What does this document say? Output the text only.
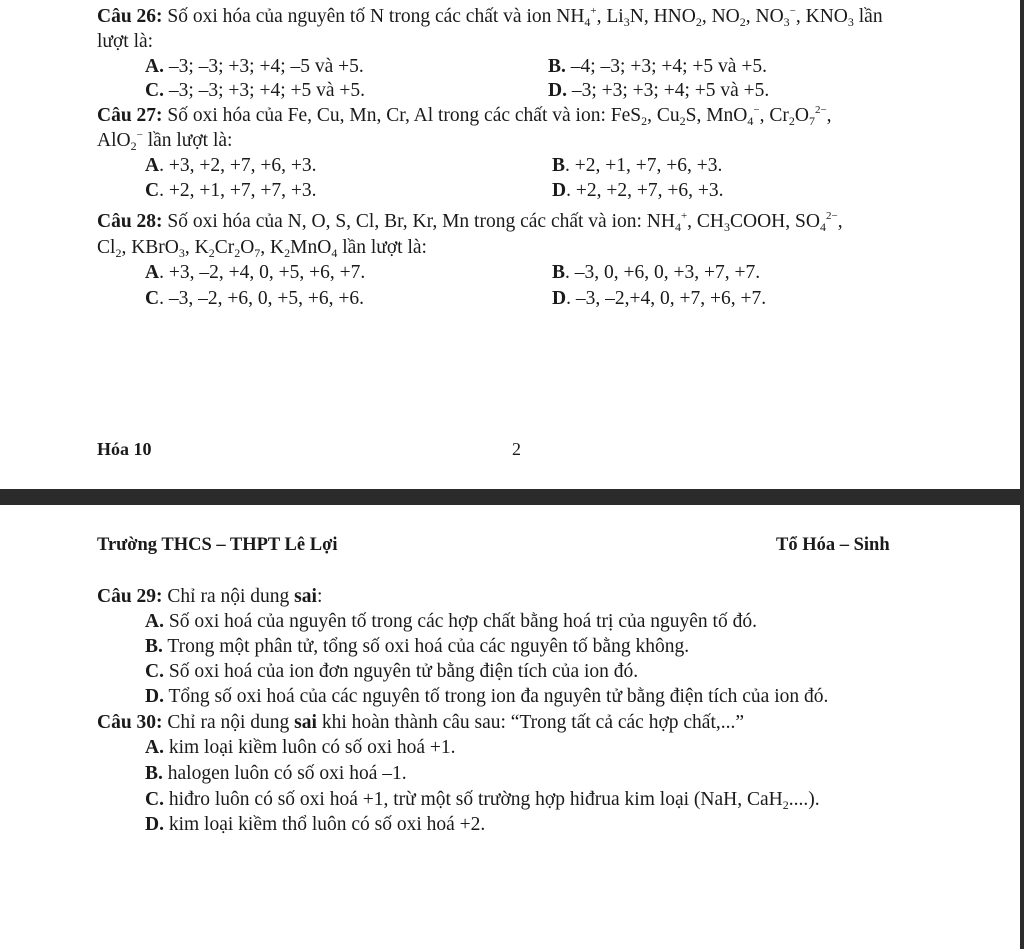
Câu 26: Số oxi hóa của nguyên tố N trong các chất và ion $NH_4^+$, $Li_3N$, $HNO_2$, $NO_2$, $NO_3^-$, $KNO_3$ lần
lượt là:
A. –3; –3; +3; +4; –5 và +5.	B. –4; –3; +3; +4; +5 và +5.
C. –3; –3; +3; +4; +5 và +5.	D. –3; +3; +3; +4; +5 và +5.
Câu 27: Số oxi hóa của Fe, Cu, Mn, Cr, Al trong các chất và ion: FeS$_2$, $Cu_2S$, MnO$_4$−, $Cr_2O_7^{2-}$,
AlO$_2$− lần lượt là:
A. +3, +2, +7, +6, +3.	B. +2, +1, +7, +6, +3.
C. +2, +1, +7, +7, +3.	D. +2, +2, +7, +6, +3.
Câu 28: Số oxi hóa của N, O, S, Cl, Br, Kr, Mn trong các chất và ion: $NH_4^+$, $CH_3COOH$, $SO_4^{2-}$,
$Cl_2$, KBrO$_3$, $K_2Cr_2O_7$, $K_2MnO_4$ lần lượt là:
A. +3, –2, +4, 0, +5, +6, +7.	B. –3, 0, +6, 0, +3, +7, +7.
C. –3, –2, +6, 0, +5, +6, +6.	D. –3, –2,+4, 0, +7, +6, +7.
Hóa 10	2
Trường THCS – THPT Lê Lợi	Tổ Hóa – Sinh
Câu 29: Chỉ ra nội dung sai:
A. Số oxi hoá của nguyên tố trong các hợp chất bằng hoá trị của nguyên tố đó.
B. Trong một phân tử, tổng số oxi hoá của các nguyên tố bằng không.
C. Số oxi hoá của ion đơn nguyên tử bằng điện tích của ion đó.
D. Tổng số oxi hoá của các nguyên tố trong ion đa nguyên tử bằng điện tích của ion đó.
Câu 30: Chỉ ra nội dung sai khi hoàn thành câu sau: “Trong tất cả các hợp chất,...”
A. kim loại kiềm luôn có số oxi hoá +1.
B. halogen luôn có số oxi hoá –1.
C. hiđro luôn có số oxi hoá +1, trừ một số trường hợp hiđrua kim loại (NaH, CaH$_2$....).
D. kim loại kiềm thổ luôn có số oxi hoá +2.
